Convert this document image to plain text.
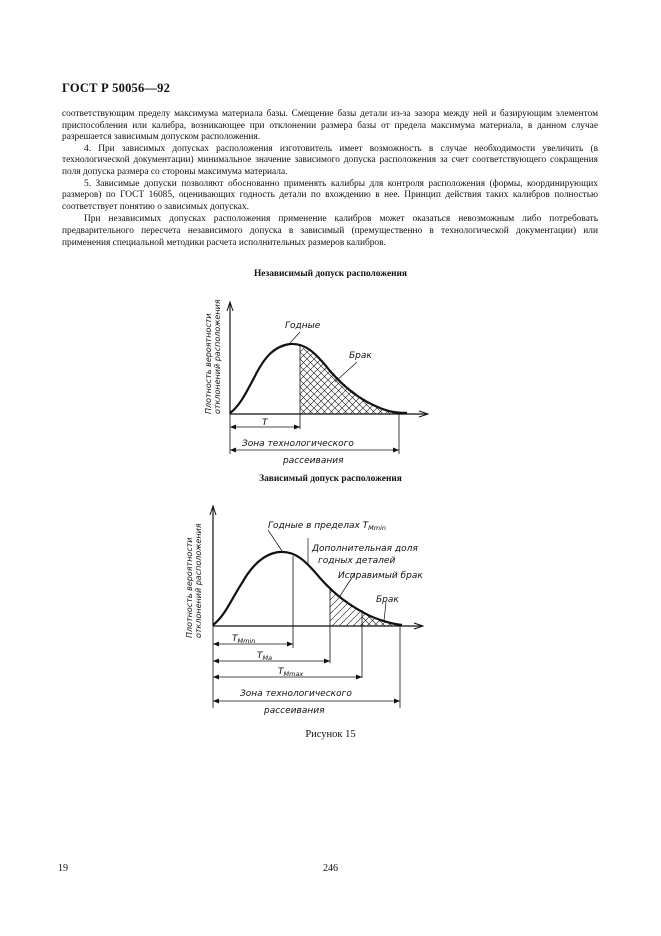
ГОСТ Р 50056—92

соответствующим пределу максимума материала базы. Смещение базы детали из-за зазора между ней и базирующим элементом приспособления или калибра, возникающее при отклонении размера базы от предела максимума материала, в данном случае разрешается зависимым допуском расположения.

4. При зависимых допусках расположения изготовитель имеет возможность в случае необходимости увеличить (в технологической документации) минимальное значение зависимого допуска расположения за счет соответствующего сокращения поля допуска размера со стороны максимума материала.

5. Зависимые допуски позволяют обоснованно применять калибры для контроля расположения (формы, координирующих размеров) по ГОСТ 16085, оценивающих годность детали по вхождению в нее. Принцип действия таких калибров полностью соответствует понятию о зависимых допусках.

При независимых допусках расположения применение калибров может оказаться невозможным либо потребовать предварительного пересчета независимого допуска в зависимый (премущественно в технологической документации) или применения специальной методики расчета исполнительных размеров калибров.

Независимый допуск расположения
Плотность вероятности отклонений расположения	Годные
Брак
T
Зона технологического
рассеивания
Зависимый допуск расположения
Плотность вероятности отклонений расположения	Годные в пределах $T_{Mmin}$
Дополнительная доля
годных деталей
Исправимый брак
Брак
$T_{Mmin}$
$T_{Ma}$
$T_{Mmax}$
Зона технологического
рассеивания
Рисунок 15
19	246
